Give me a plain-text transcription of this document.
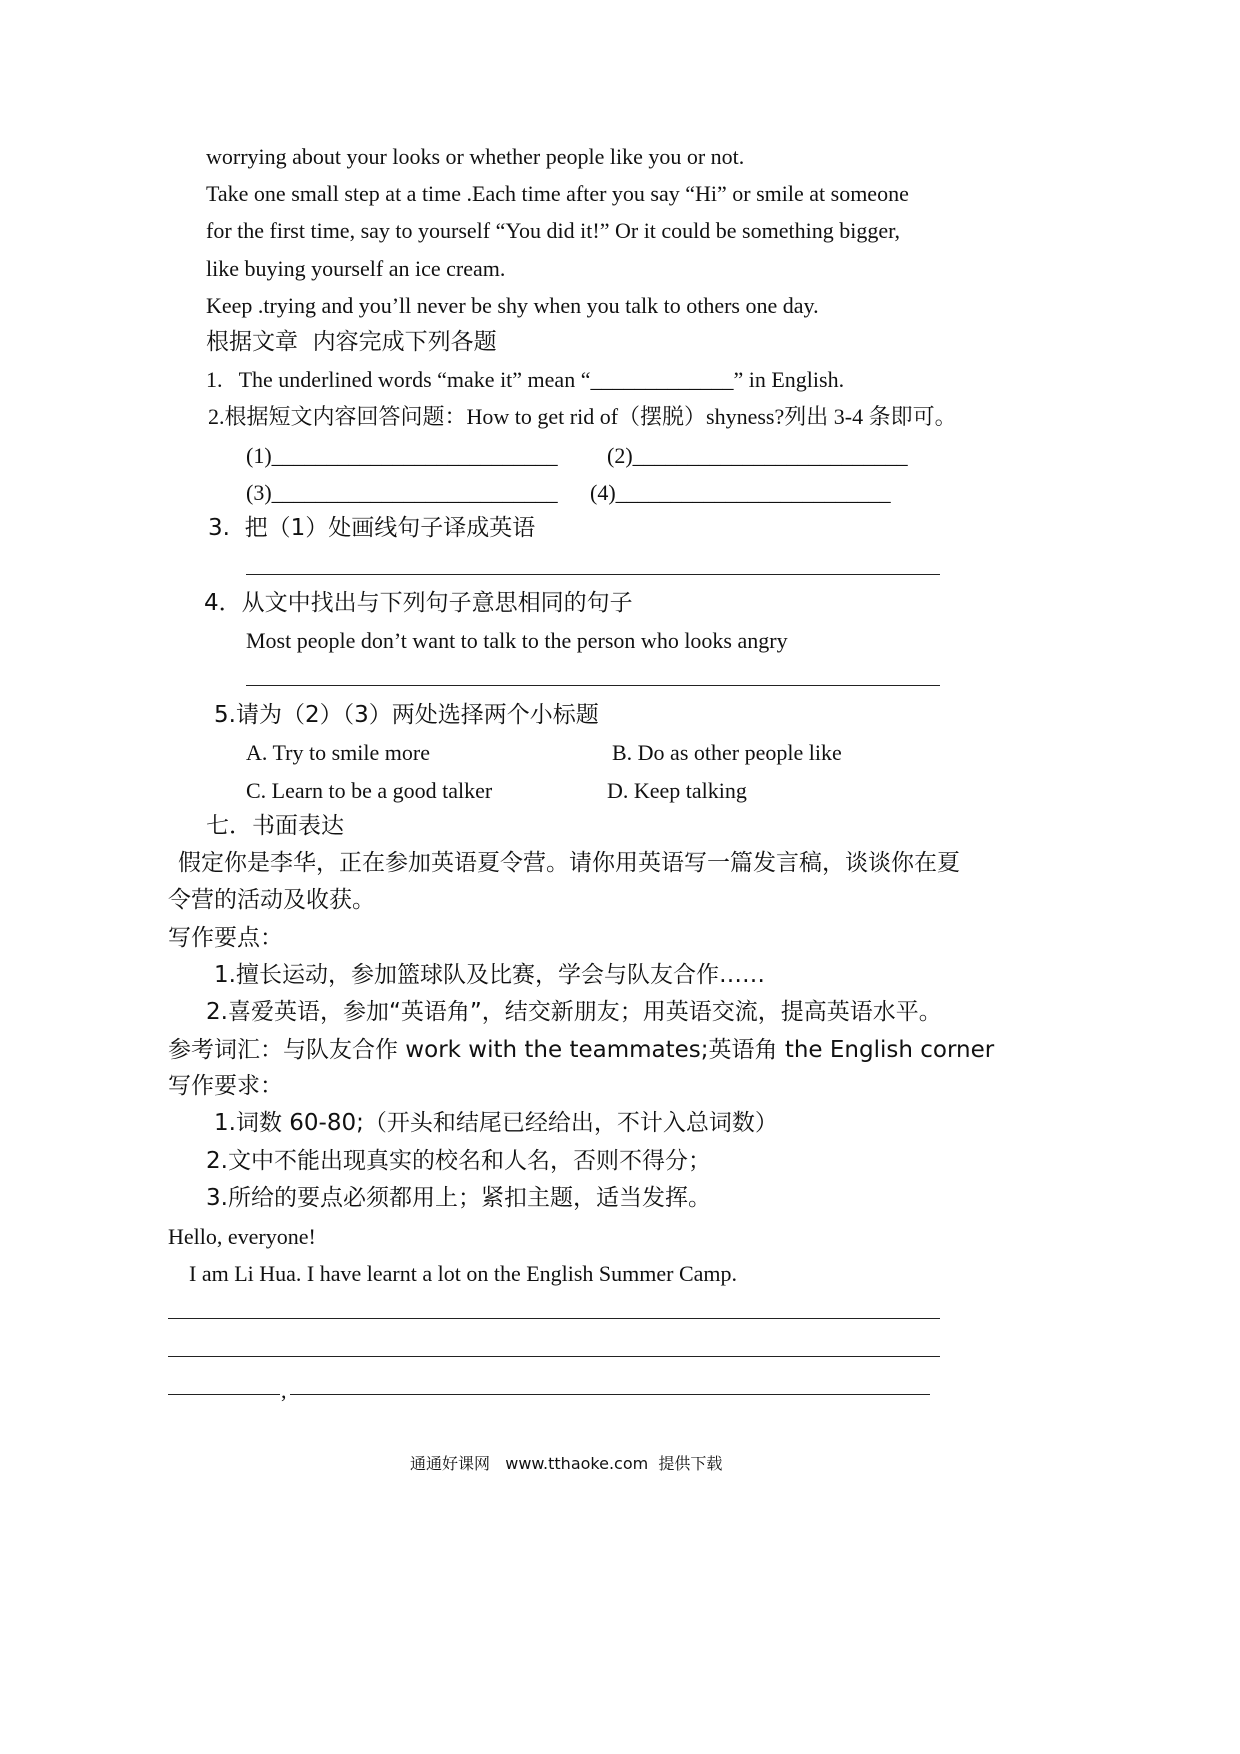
worrying about your looks or whether people like you or not.
Take one small step at a time .Each time after you say “Hi” or smile at someone
for the first time, say to yourself “You did it!” Or it could be something bigger,
like buying yourself an ice cream.
Keep .trying and you’ll never be shy when you talk to others one day.
根据文章  内容完成下列各题
1.   The underlined words “make it” mean “_____________” in English.
2.根据短文内容回答问题：How to get rid of（摆脱）shyness?列出 3-4 条即可。
(1)__________________________ (2)_________________________
(3)__________________________ (4)_________________________
3.  把（1）处画线句子译成英语
4．从文中找出与下列句子意思相同的句子
Most people don’t want to talk to the person who looks angry
5.请为（2）（3）两处选择两个小标题
A. Try to smile more	B. Do as other people like
C. Learn to be a good talker	D. Keep talking
七．书面表达
假定你是李华，正在参加英语夏令营。请你用英语写一篇发言稿，谈谈你在夏
令营的活动及收获。
写作要点：
1.擅长运动，参加篮球队及比赛，学会与队友合作……
2.喜爱英语，参加“英语角”，结交新朋友；用英语交流，提高英语水平。
参考词汇：与队友合作 work with the teammates;英语角 the English corner
写作要求：
1.词数 60-80;（开头和结尾已经给出，不计入总词数）
2.文中不能出现真实的校名和人名，否则不得分；
3.所给的要点必须都用上；紧扣主题，适当发挥。
Hello, everyone!
I am Li Hua. I have learnt a lot on the English Summer Camp.
,
通通好课网   www.tthaoke.com  提供下载
